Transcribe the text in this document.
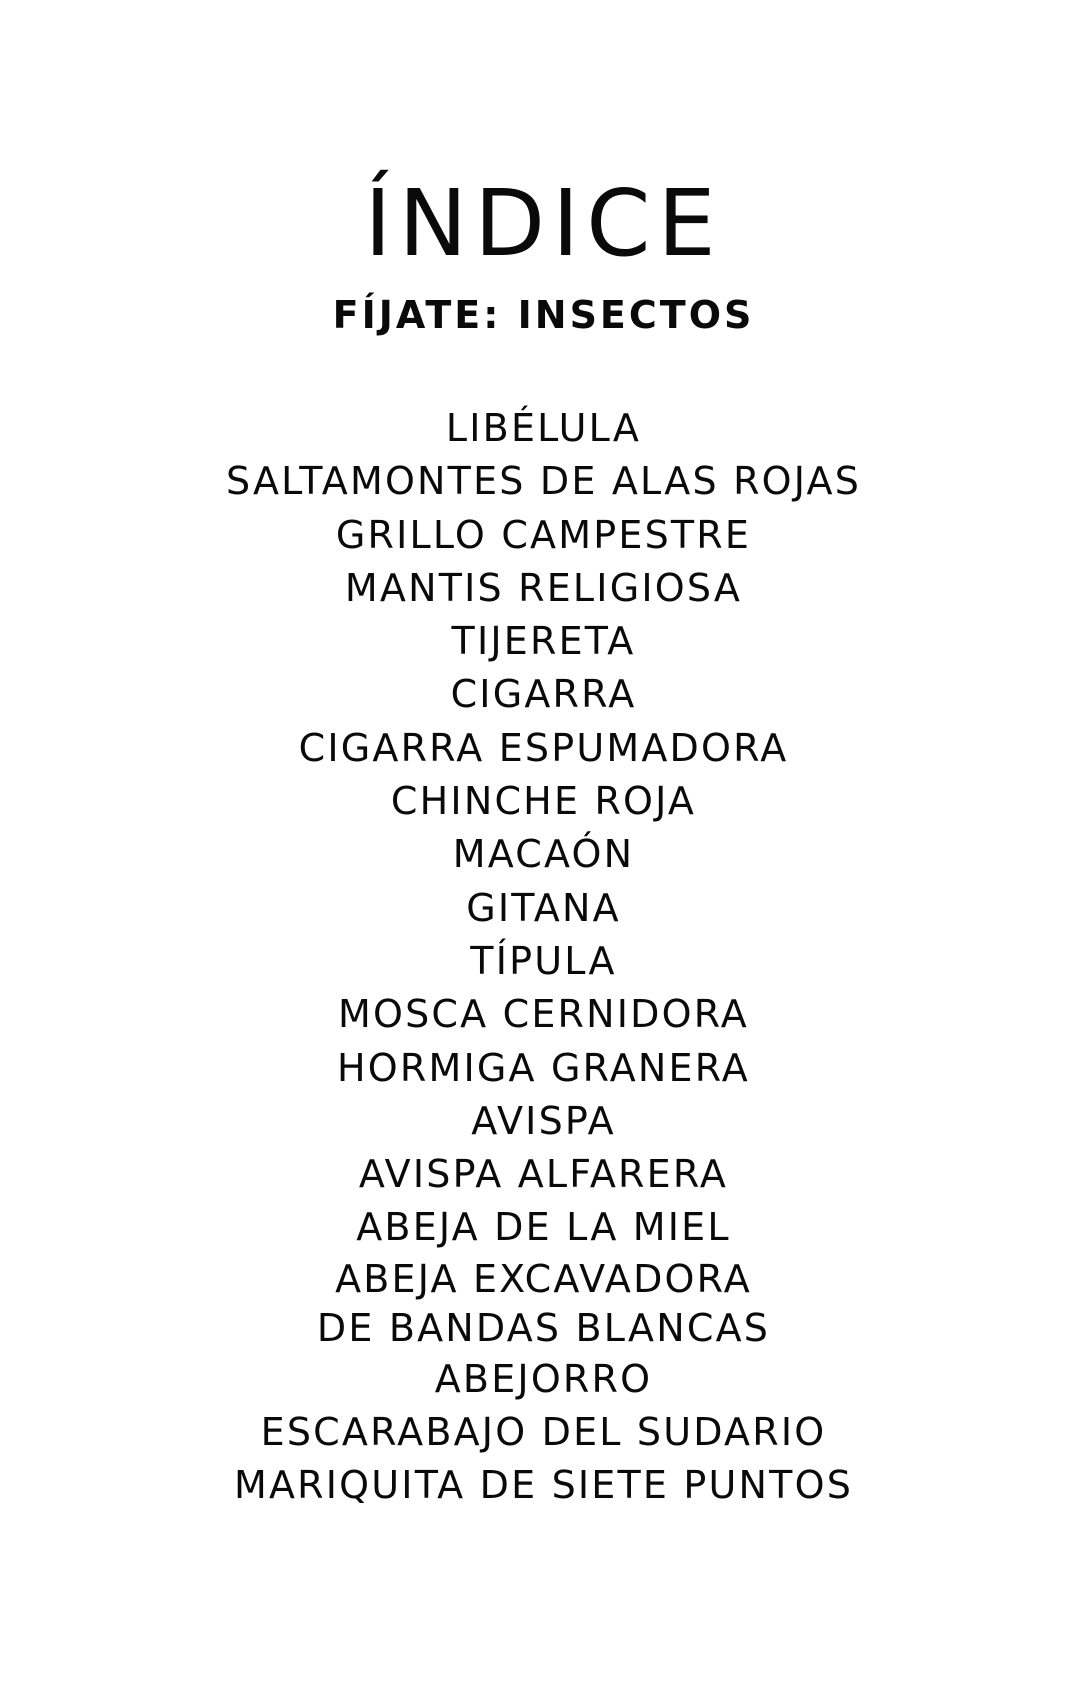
ÍNDICE
FÍJATE: INSECTOS
LIBÉLULA
SALTAMONTES DE ALAS ROJAS
GRILLO CAMPESTRE
MANTIS RELIGIOSA
TIJERETA
CIGARRA
CIGARRA ESPUMADORA
CHINCHE ROJA
MACAÓN
GITANA
TÍPULA
MOSCA CERNIDORA
HORMIGA GRANERA
AVISPA
AVISPA ALFARERA
ABEJA DE LA MIEL
ABEJA EXCAVADORA
DE BANDAS BLANCAS
ABEJORRO
ESCARABAJO DEL SUDARIO
MARIQUITA DE SIETE PUNTOS
